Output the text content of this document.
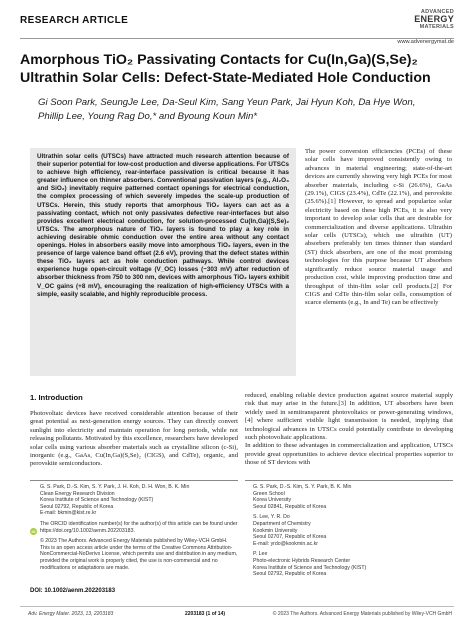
RESEARCH ARTICLE
ADVANCED
ENERGY
MATERIALS
www.advenergymat.de
Amorphous TiO₂ Passivating Contacts for Cu(In,Ga)(S,Se)₂ Ultrathin Solar Cells: Defect-State-Mediated Hole Conduction
Gi Soon Park, SeungJe Lee, Da-Seul Kim, Sang Yeun Park, Jai Hyun Koh, Da Hye Won,
Phillip Lee, Young Rag Do,* and Byoung Koun Min*

Ultrathin solar cells (UTSCs) have attracted much research attention because of their superior potential for low-cost production and diverse applications. For UTSCs to achieve high efficiency, rear-interface passivation is critical because it has greater influence on thinner absorbers. Conventional passivation layers (e.g., Al₂O₃ and SiO₂) inevitably require patterned contact openings for electrical conduction, the complex processing of which severely impedes the scale-up production of UTSCs. Herein, this study reports that amorphous TiO₂ layers can act as a passivating contact, which not only passivates defective rear-interfaces but also provides excellent electrical conduction, for solution-processed Cu(In,Ga)(S,Se)₂ UTSCs. The amorphous nature of TiO₂ layers is found to play a key role in achieving desirable ohmic conduction over the entire area without any contact openings. Holes in absorbers easily move into amorphous TiO₂ layers, even in the presence of large valence band offset (2.6 eV), proving that the defect states within these TiO₂ layers act as hole conduction pathways. While control devices experience huge open-circuit voltage (V_OC) losses (~303 mV) after reduction of absorber thickness from 750 to 300 nm, devices with amorphous TiO₂ layers exhibit V_OC gains (+8 mV), encouraging the realization of high-efficiency UTSCs with a simple, easily scalable, and highly reproducible process.

The power conversion efficiencies (PCEs) of these solar cells have improved consistently owing to advances in material engineering; state-of-the-art devices are currently showing very high PCEs for most absorber materials, including c-Si (26.6%), GaAs (29.1%), CIGS (23.4%), CdTe (22.1%), and perovskite (25.6%).[1] However, to spread and popularize solar electricity based on these high PCEs, it is also very important to develop solar cells that are desirable for commercialization and diverse applications. Ultrathin solar cells (UTSCs), which use ultrathin (UT) absorbers preferably ten times thinner than standard (ST) thick absorbers, are one of the most promising technologies for this purpose because UT absorbers significantly reduce source material usage and production cost, while improving production time and throughput of thin-film solar cell products.[2] For CIGS and CdTe thin-film solar cells, consumption of scarce elements (e.g., In and Te) can be effectively

1. Introduction

Photovoltaic devices have received considerable attention because of their great potential as next-generation energy sources. They can directly convert sunlight into electricity and maintain operation for long periods, while not releasing pollutants. Motivated by this excellence, researchers have developed solar cells using various absorber materials such as crystalline silicon (c-Si), inorganic (e.g., GaAs, Cu(In,Ga)(S,Se)₂ (CIGS), and CdTe), organic, and perovskite semiconductors.

reduced, enabling reliable device production against source material supply risk that may arise in the future.[3] In addition, UT absorbers have been widely used in semitransparent photovoltaics or power-generating windows,[4] where sufficient visible light transmission is needed, implying that technological advances in UTSCs could potentially contribute to developing such photovoltaic applications.
In addition to these advantages in commercialization and application, UTSCs provide great opportunities to achieve device electrical properties superior to those of ST devices with

G. S. Park, D.-S. Kim, S. Y. Park, J. H. Koh, D. H. Won, B. K. Min
Clean Energy Research Division
Korea Institute of Science and Technology (KIST)
Seoul 02792, Republic of Korea
E-mail: bkmin@kist.re.kr
The ORCID identification number(s) for the author(s) of this article can be found under https://doi.org/10.1002/aenm.202203183.
© 2023 The Authors. Advanced Energy Materials published by Wiley-VCH GmbH. This is an open access article under the terms of the Creative Commons Attribution-NonCommercial-NoDerivs License, which permits use and distribution in any medium, provided the original work is properly cited, the use is non-commercial and no modifications or adaptations are made.
iD
G. S. Park, D.-S. Kim, S. Y. Park, B. K. Min
Green School
Korea University
Seoul 02841, Republic of Korea
S. Lee, Y. R. Do
Department of Chemistry
Kookmin University
Seoul 02707, Republic of Korea
E-mail: yrdo@kookmin.ac.kr
P. Lee
Photo-electronic Hybrids Research Center
Korea Institute of Science and Technology (KIST)
Seoul 02792, Republic of Korea
DOI: 10.1002/aenm.202203183
Adv. Energy Mater. 2023, 13, 2203183	2203183 (1 of 14)	© 2023 The Authors. Advanced Energy Materials published by Wiley-VCH GmbH
